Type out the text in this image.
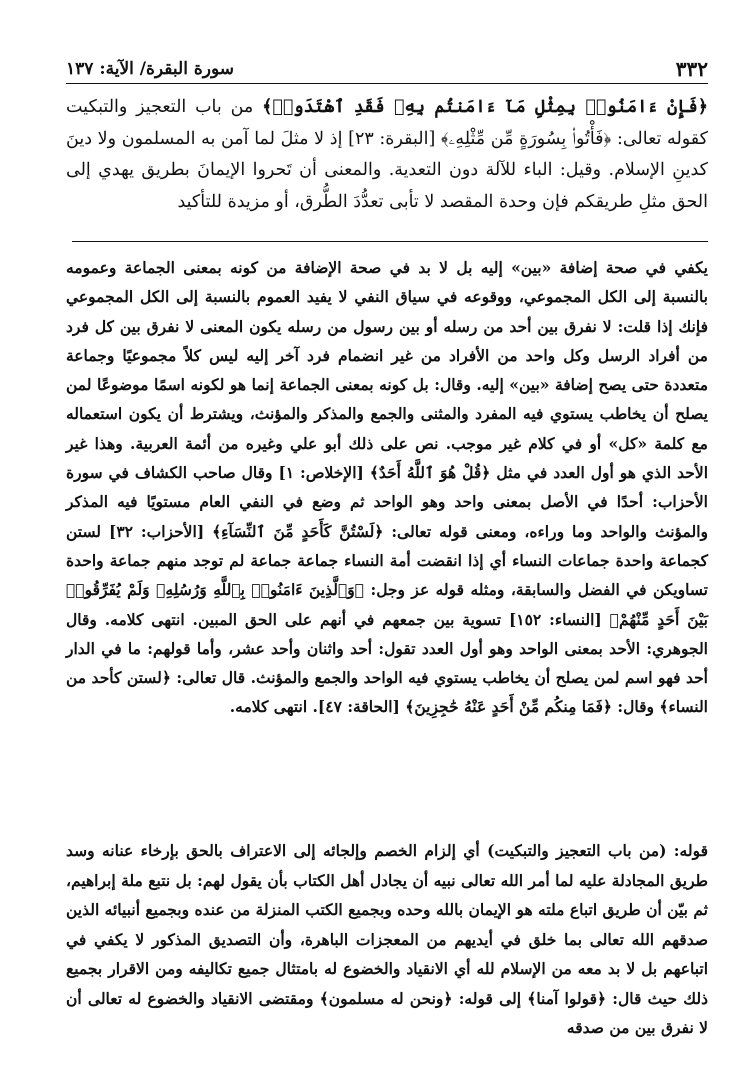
٣٣٢
سورة البقرة/ الآية: ١٣٧

﴿فَإِنْ ءَامَنُوا۟ بِمِثْلِ مَآ ءَامَنتُم بِهِۦ فَقَدِ ٱهْتَدَوا۟﴾ من باب التعجيز والتبكيت كقوله تعالى: ﴿فَأْتُوا۟ بِسُورَةٍ مِّن مِّثْلِهِۦ﴾ [البقرة: ٢٣] إذ لا مثلَ لما آمن به المسلمون ولا دينَ كدينِ الإسلام. وقيل: الباء للآلة دون التعدية. والمعنى أن تَحروا الإيمانَ بطريق يهدي إلى الحق مثلِ طريقكم فإن وحدة المقصد لا تأبى تعدُّدَ الطُّرق، أو مزيدة للتأكيد

يكفي في صحة إضافة «بين» إليه بل لا بد في صحة الإضافة من كونه بمعنى الجماعة وعمومه بالنسبة إلى الكل المجموعي، ووقوعه في سياق النفي لا يفيد العموم بالنسبة إلى الكل المجموعي فإنك إذا قلت: لا نفرق بين أحد من رسله أو بين رسول من رسله يكون المعنى لا نفرق بين كل فرد من أفراد الرسل وكل واحد من الأفراد من غير انضمام فرد آخر إليه ليس كلاً مجموعيًا وجماعة متعددة حتى يصح إضافة «بين» إليه. وقال: بل كونه بمعنى الجماعة إنما هو لكونه اسمًا موضوعًا لمن يصلح أن يخاطب يستوي فيه المفرد والمثنى والجمع والمذكر والمؤنث، ويشترط أن يكون استعماله مع كلمة «كل» أو في كلام غير موجب. نص على ذلك أبو علي وغيره من أئمة العربية. وهذا غير الأحد الذي هو أول العدد في مثل ﴿قُلْ هُوَ ٱللَّهُ أَحَدٌ﴾ [الإخلاص: ١] وقال صاحب الكشاف في سورة الأحزاب: أحدًا في الأصل بمعنى واحد وهو الواحد ثم وضع في النفي العام مستويًا فيه المذكر والمؤنث والواحد وما وراءه، ومعنى قوله تعالى: ﴿لَسْتُنَّ كَأَحَدٍ مِّنَ ٱلنِّسَآءِ﴾ [الأحزاب: ٣٢] لستن كجماعة واحدة جماعات النساء أي إذا انقضت أمة النساء جماعة جماعة لم توجد منهم جماعة واحدة تساويكن في الفضل والسابقة، ومثله قوله عز وجل: ﴿وَٱلَّذِينَ ءَامَنُوا۟ بِٱللَّهِ وَرُسُلِهِۦ وَلَمْ يُفَرِّقُوا۟ بَيْنَ أَحَدٍ مِّنْهُمْ﴾ [النساء: ١٥٢] تسوية بين جمعهم في أنهم على الحق المبين. انتهى كلامه. وقال الجوهري: الأحد بمعنى الواحد وهو أول العدد تقول: أحد واثنان وأحد عشر، وأما قولهم: ما في الدار أحد فهو اسم لمن يصلح أن يخاطب يستوي فيه الواحد والجمع والمؤنث. قال تعالى: ﴿لستن كأحد من النساء﴾ وقال: ﴿فَمَا مِنكُم مِّنْ أَحَدٍ عَنْهُ حَٰجِزِينَ﴾ [الحاقة: ٤٧]. انتهى كلامه.

قوله: (من باب التعجيز والتبكيت) أي إلزام الخصم وإلجائه إلى الاعتراف بالحق بإرخاء عنانه وسد طريق المجادلة عليه لما أمر الله تعالى نبيه أن يجادل أهل الكتاب بأن يقول لهم: بل نتبع ملة إبراهيم، ثم بيّن أن طريق اتباع ملته هو الإيمان بالله وحده وبجميع الكتب المنزلة من عنده وبجميع أنبيائه الذين صدقهم الله تعالى بما خلق في أيديهم من المعجزات الباهرة، وأن التصديق المذكور لا يكفي في اتباعهم بل لا بد معه من الإسلام لله أي الانقياد والخضوع له بامتثال جميع تكاليفه ومن الاقرار بجميع ذلك حيث قال: ﴿قولوا آمنا﴾ إلى قوله: ﴿ونحن له مسلمون﴾ ومقتضى الانقياد والخضوع له تعالى أن لا نفرق بين من صدقه
